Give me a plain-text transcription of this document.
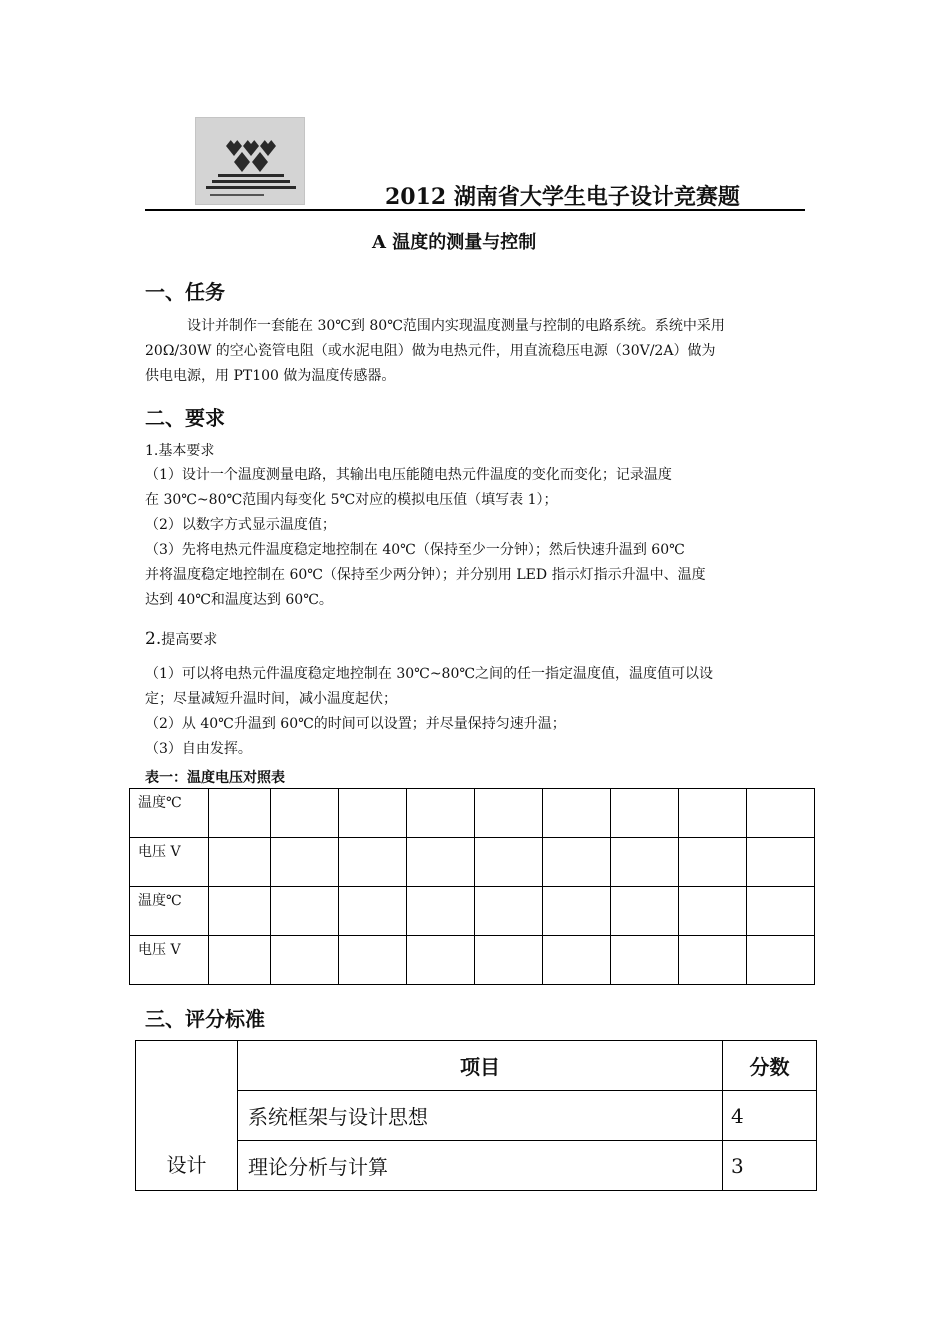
2012 湖南省大学生电子设计竞赛题
A 温度的测量与控制
一、任务
设计并制作一套能在 30℃到 80℃范围内实现温度测量与控制的电路系统。系统中采用
20Ω/30W 的空心瓷管电阻（或水泥电阻）做为电热元件，用直流稳压电源（30V/2A）做为
供电电源，用 PT100 做为温度传感器。
二、要求
1.基本要求
（1）设计一个温度测量电路，其输出电压能随电热元件温度的变化而变化；记录温度
在 30℃~80℃范围内每变化 5℃对应的模拟电压值（填写表 1）；
（2）以数字方式显示温度值；
（3）先将电热元件温度稳定地控制在 40℃（保持至少一分钟）；然后快速升温到 60℃
并将温度稳定地控制在 60℃（保持至少两分钟）；并分别用 LED 指示灯指示升温中、温度
达到 40℃和温度达到 60℃。
2.提高要求
（1）可以将电热元件温度稳定地控制在 30℃~80℃之间的任一指定温度值，温度值可以设
定；尽量减短升温时间，减小温度起伏；
（2）从 40℃升温到 60℃的时间可以设置；并尽量保持匀速升温；
（3）自由发挥。
表一：温度电压对照表
温度℃									
电压 V									
温度℃									
电压 V									
三、评分标准
设计	项目	分数
	系统框架与设计思想	4
	理论分析与计算	3
